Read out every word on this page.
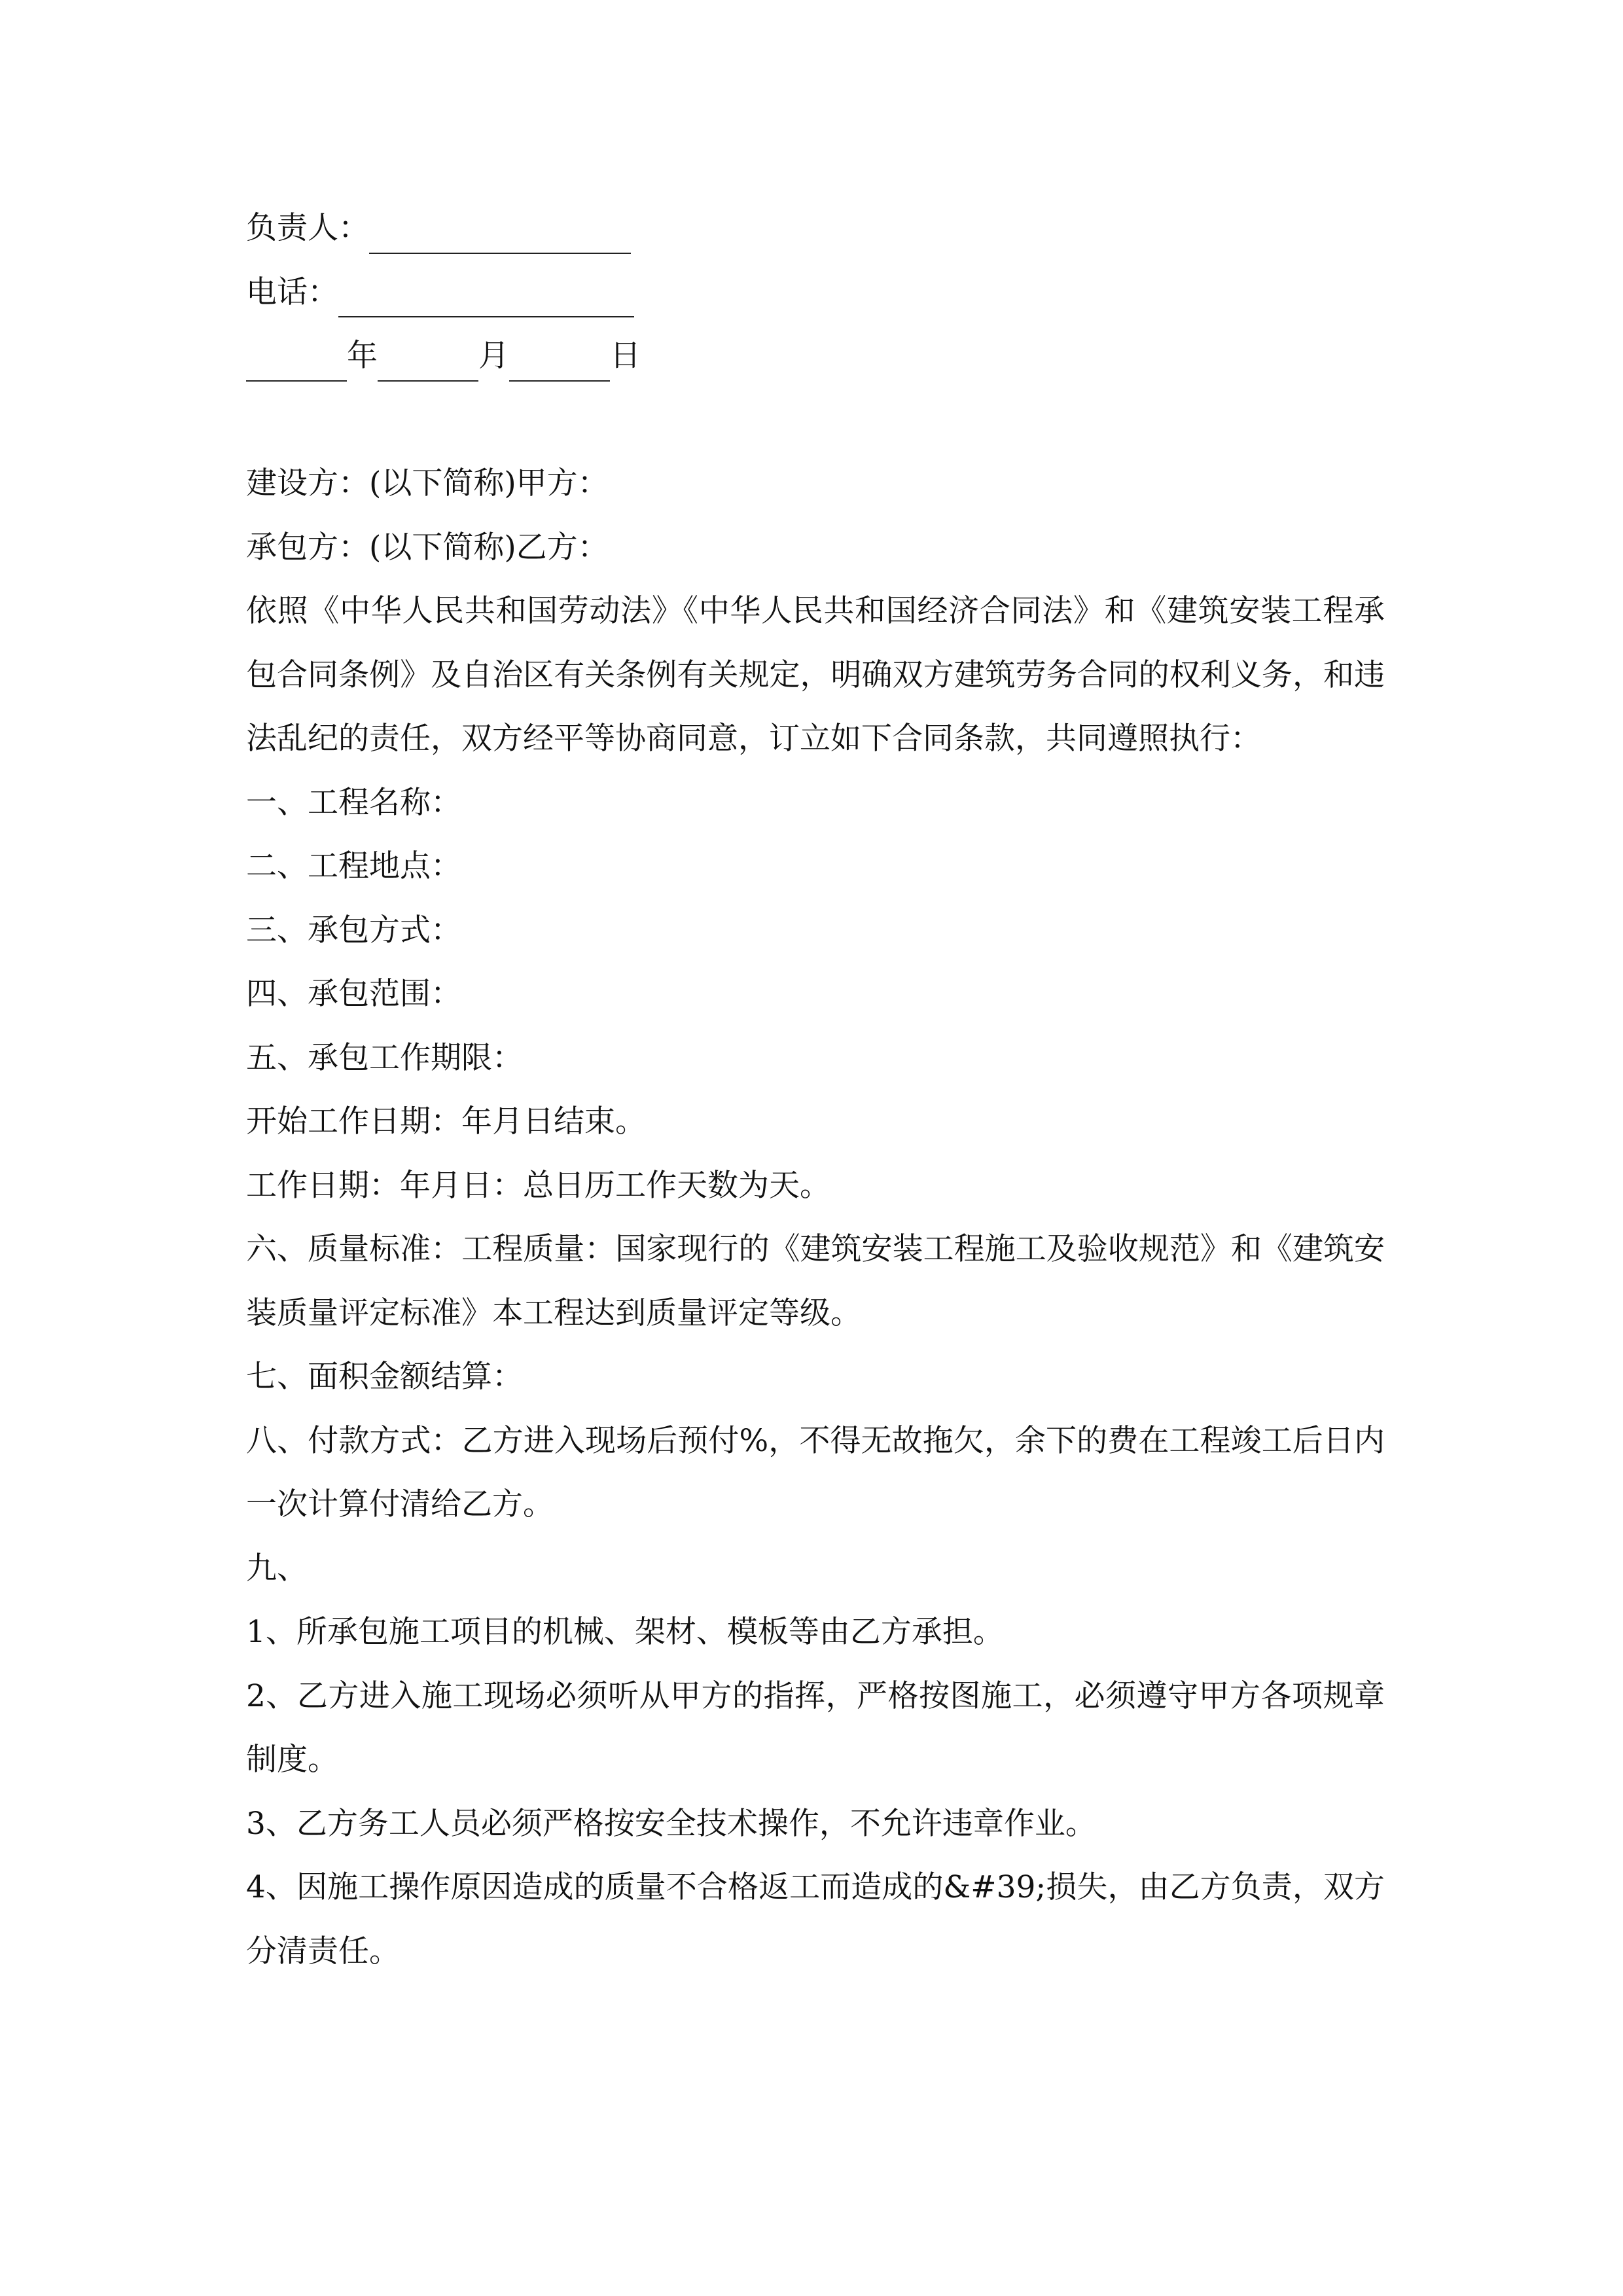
负责人：
电话：
年	月	日

建设方：(以下简称)甲方：

承包方：(以下简称)乙方：

依照《中华人民共和国劳动法》《中华人民共和国经济合同法》和《建筑安装工程承包合同条例》及自治区有关条例有关规定，明确双方建筑劳务合同的权利义务，和违法乱纪的责任，双方经平等协商同意，订立如下合同条款，共同遵照执行：

一、工程名称：

二、工程地点：

三、承包方式：

四、承包范围：

五、承包工作期限：

开始工作日期：年月日结束。

工作日期：年月日：总日历工作天数为天。

六、质量标准：工程质量：国家现行的《建筑安装工程施工及验收规范》和《建筑安装质量评定标准》本工程达到质量评定等级。

七、面积金额结算：

八、付款方式：乙方进入现场后预付%，不得无故拖欠，余下的费在工程竣工后日内一次计算付清给乙方。

九、

1、所承包施工项目的机械、架材、模板等由乙方承担。

2、乙方进入施工现场必须听从甲方的指挥，严格按图施工，必须遵守甲方各项规章制度。

3、乙方务工人员必须严格按安全技术操作，不允许违章作业。

4、因施工操作原因造成的质量不合格返工而造成的&#39;损失，由乙方负责，双方分清责任。
